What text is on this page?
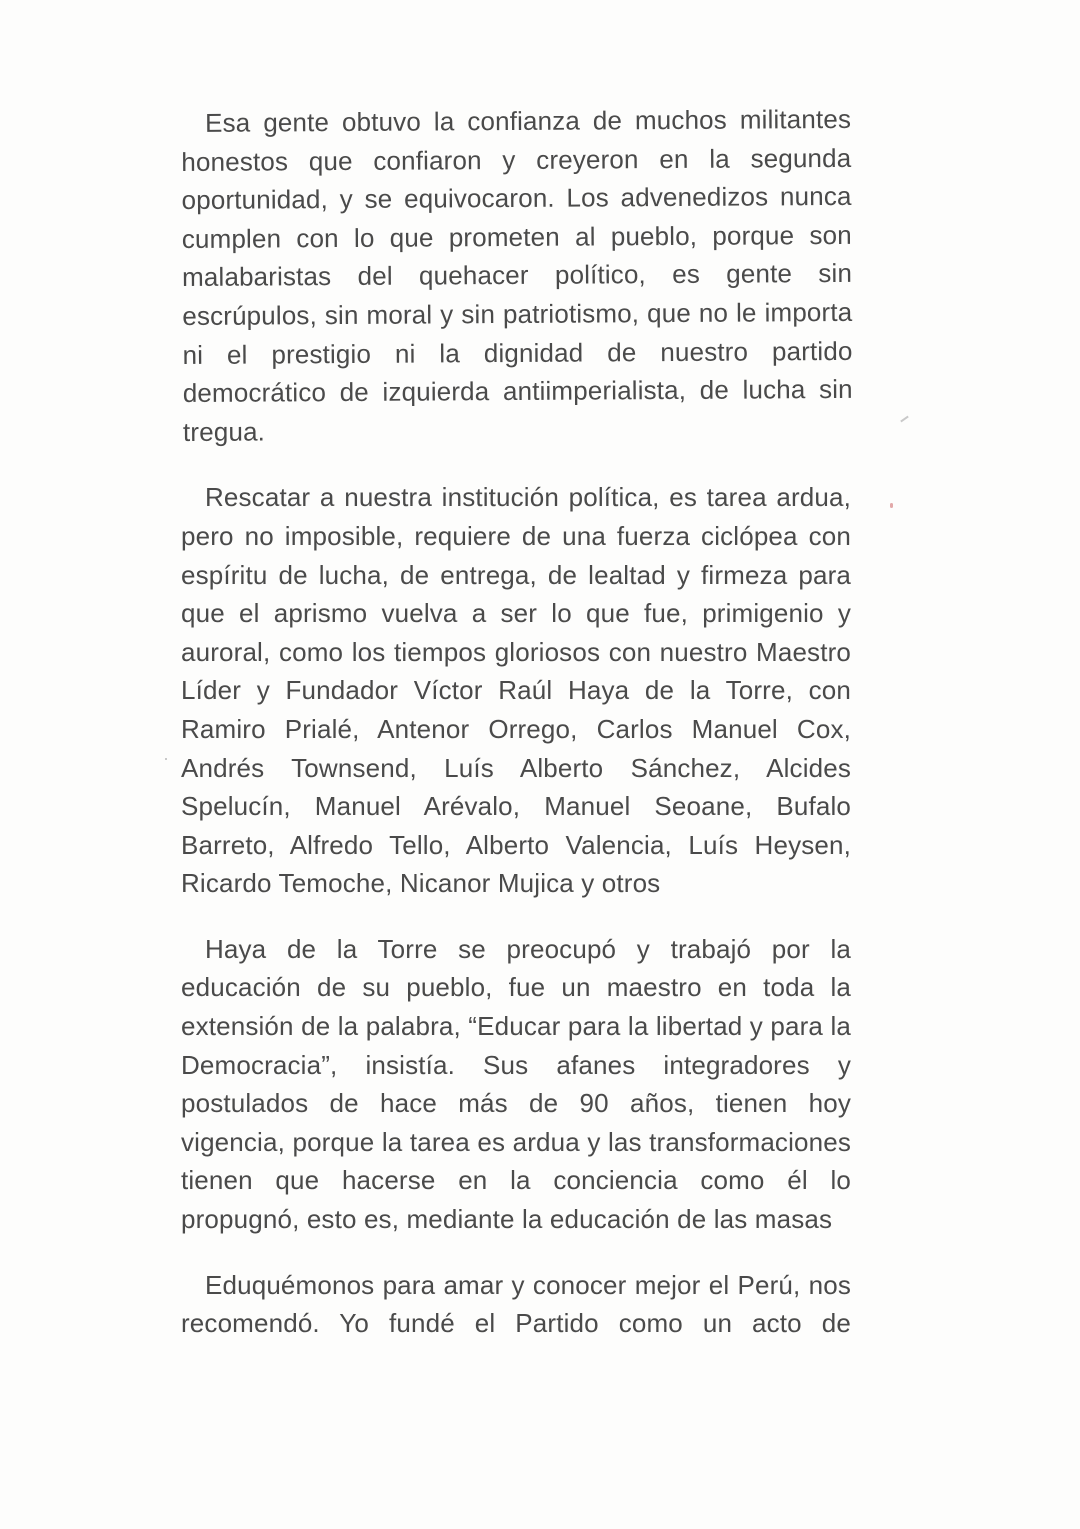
Esa gente obtuvo la confianza de muchos militantes honestos que confiaron y creyeron en la segunda oportunidad, y se equivocaron. Los advenedizos nunca cumplen con lo que prometen al pueblo, porque son malabaristas del quehacer político, es gente sin escrúpulos, sin moral y sin patriotismo, que no le importa ni el prestigio ni la dignidad de nuestro partido democrático de izquierda antiimperialista, de lucha sin tregua.

Rescatar a nuestra institución política, es tarea ardua, pero no imposible, requiere de una fuerza ciclópea con espíritu de lucha, de entrega, de lealtad y firmeza para que el aprismo vuelva a ser lo que fue, primigenio y auroral, como los tiempos gloriosos con nuestro Maestro Líder y Fundador Víctor Raúl Haya de la Torre, con Ramiro Prialé, Antenor Orrego, Carlos Manuel Cox, Andrés Townsend, Luís Alberto Sánchez, Alcides Spelucín, Manuel Arévalo, Manuel Seoane, Bufalo Barreto, Alfredo Tello, Alberto Valencia, Luís Heysen, Ricardo Temoche, Nicanor Mujica y otros

Haya de la Torre se preocupó y trabajó por la educación de su pueblo, fue un maestro en toda la extensión de la palabra, “Educar para la libertad y para la Democracia”, insistía. Sus afanes integradores y postulados de hace más de 90 años, tienen hoy vigencia, porque la tarea es ardua y las transformaciones tienen que hacerse en la conciencia como él lo propugnó, esto es, mediante la educación de las masas

Eduquémonos para amar y conocer mejor el Perú, nos recomendó. Yo fundé el Partido como un acto de
